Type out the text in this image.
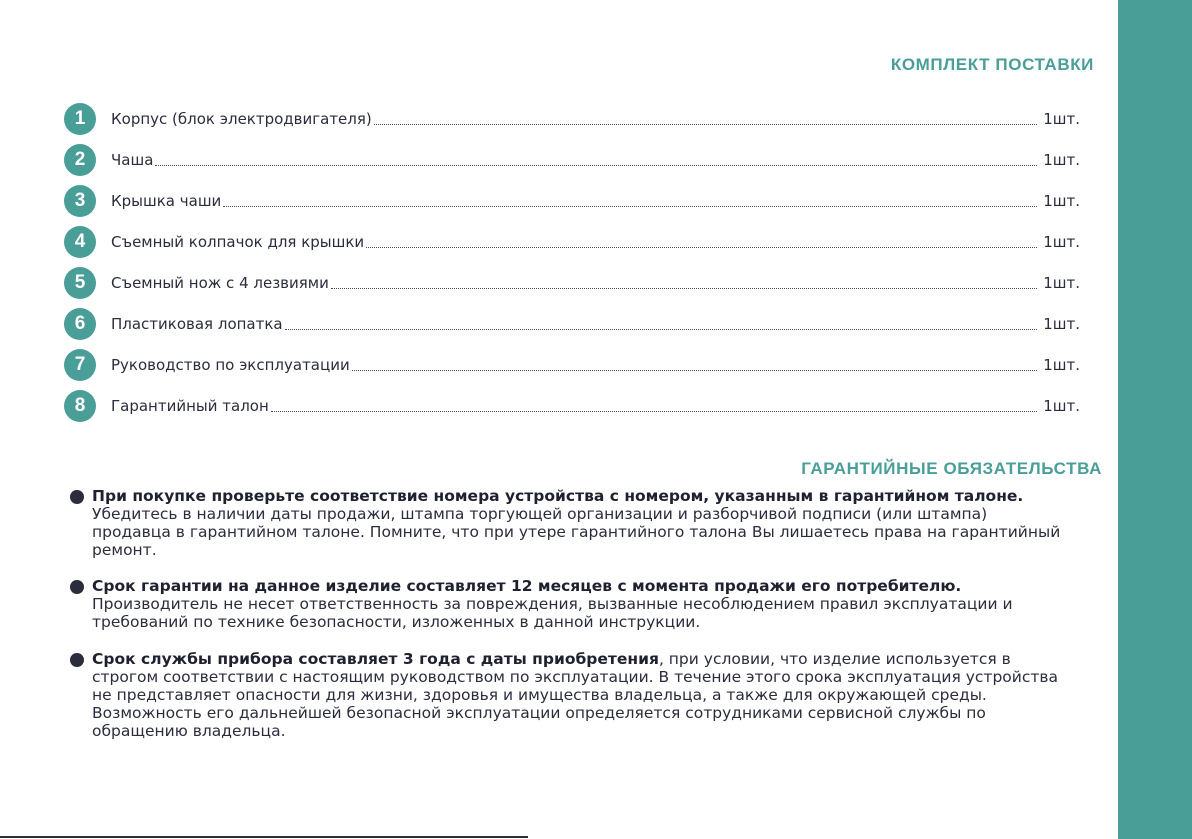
КОМПЛЕКТ ПОСТАВКИ
1	Корпус (блок электродвигателя)	1шт.
2	Чаша	1шт.
3	Крышка чаши	1шт.
4	Съемный колпачок для крышки	1шт.
5	Съемный нож с 4 лезвиями	1шт.
6	Пластиковая лопатка	1шт.
7	Руководство по эксплуатации	1шт.
8	Гарантийный талон	1шт.
ГАРАНТИЙНЫЕ ОБЯЗАТЕЛЬСТВА
При покупке проверьте соответствие номера устройства с номером, указанным в гарантийном талоне.
Убедитесь в наличии даты продажи, штампа торгующей организации и разборчивой подписи (или штампа) продавца в гарантийном талоне. Помните, что при утере гарантийного талона Вы лишаетесь права на гарантийный ремонт.
Срок гарантии на данное изделие составляет 12 месяцев с момента продажи его потребителю.
Производитель не несет ответственность за повреждения, вызванные несоблюдением правил эксплуатации и требований по технике безопасности, изложенных в данной инструкции.
Срок службы прибора составляет 3 года с даты приобретения, при условии, что изделие используется в строгом соответствии с настоящим руководством по эксплуатации. В течение этого срока эксплуатация устройства не представляет опасности для жизни, здоровья и имущества владельца, а также для окружающей среды. Возможность его дальнейшей безопасной эксплуатации определяется сотрудниками сервисной службы по обращению владельца.
